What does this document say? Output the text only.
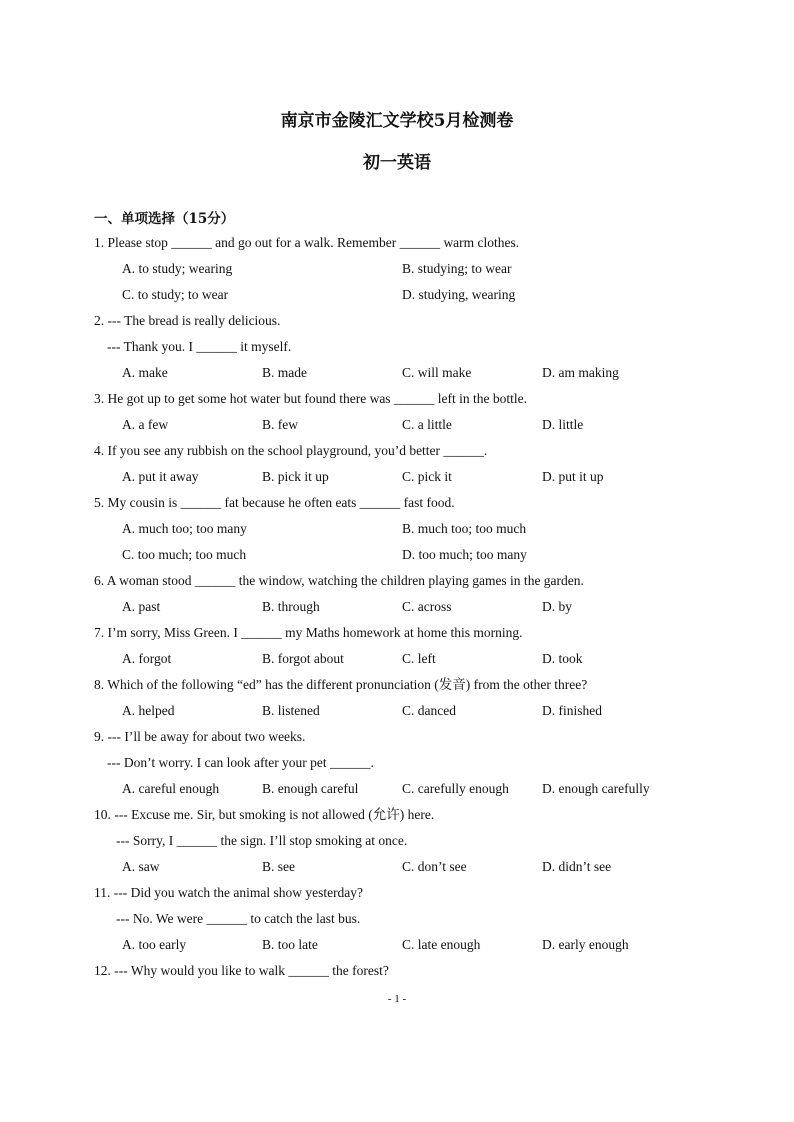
南京市金陵汇文学校5月检测卷
初一英语
一、单项选择（15分）
1. Please stop ______ and go out for a walk. Remember ______ warm clothes.
A. to study; wearing	B. studying; to wear
C. to study; to wear	D. studying, wearing
2. --- The bread is really delicious.
--- Thank you. I ______ it myself.
A. make	B. made	C. will make	D. am making
3. He got up to get some hot water but found there was ______ left in the bottle.
A. a few	B. few	C. a little	D. little
4. If you see any rubbish on the school playground, you’d better ______.
A. put it away	B. pick it up	C. pick it	D. put it up
5. My cousin is ______ fat because he often eats ______ fast food.
A. much too; too many	B. much too; too much
C. too much; too much	D. too much; too many
6. A woman stood ______ the window, watching the children playing games in the garden.
A. past	B. through	C. across	D. by
7. I’m sorry, Miss Green. I ______ my Maths homework at home this morning.
A. forgot	B. forgot about	C. left	D. took
8. Which of the following “ed” has the different pronunciation (发音) from the other three?
A. helped	B. listened	C. danced	D. finished
9. --- I’ll be away for about two weeks.
--- Don’t worry. I can look after your pet ______.
A. careful enough	B. enough careful	C. carefully enough D. enough carefully
10. --- Excuse me. Sir, but smoking is not allowed (允许) here.
--- Sorry, I ______ the sign. I’ll stop smoking at once.
A. saw	B. see	C. don’t see	D. didn’t see
11. --- Did you watch the animal show yesterday?
--- No. We were ______ to catch the last bus.
A. too early	B. too late	C. late enough	D. early enough
12. --- Why would you like to walk ______ the forest?
- 1 -
